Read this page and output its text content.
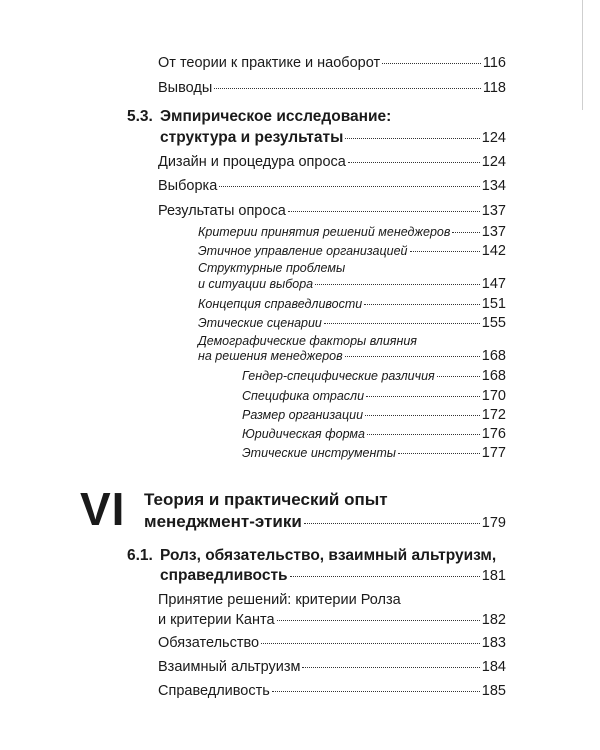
От теории к практике и наоборот	116
Выводы	118
5.3. Эмпирическое исследование:
структура и результаты	124
Дизайн и процедура опроса	124
Выборка	134
Результаты опроса	137
Критерии принятия решений менеджеров 137
Этичное управление организацией	142
Структурные проблемы
и ситуации выбора	147
Концепция справедливости	151
Этические сценарии	155
Демографические факторы влияния
на решения менеджеров	168
Гендер-специфические различия	168
Специфика отрасли	170
Размер организации	172
Юридическая форма	176
Этические инструменты	177
VI Теория и практический опыт
менеджмент-этики	179
6.1. Ролз, обязательство, взаимный альтруизм,
справедливость	181
Принятие решений: критерии Ролза
и критерии Канта	182
Обязательство	183
Взаимный альтруизм	184
Справедливость	185
